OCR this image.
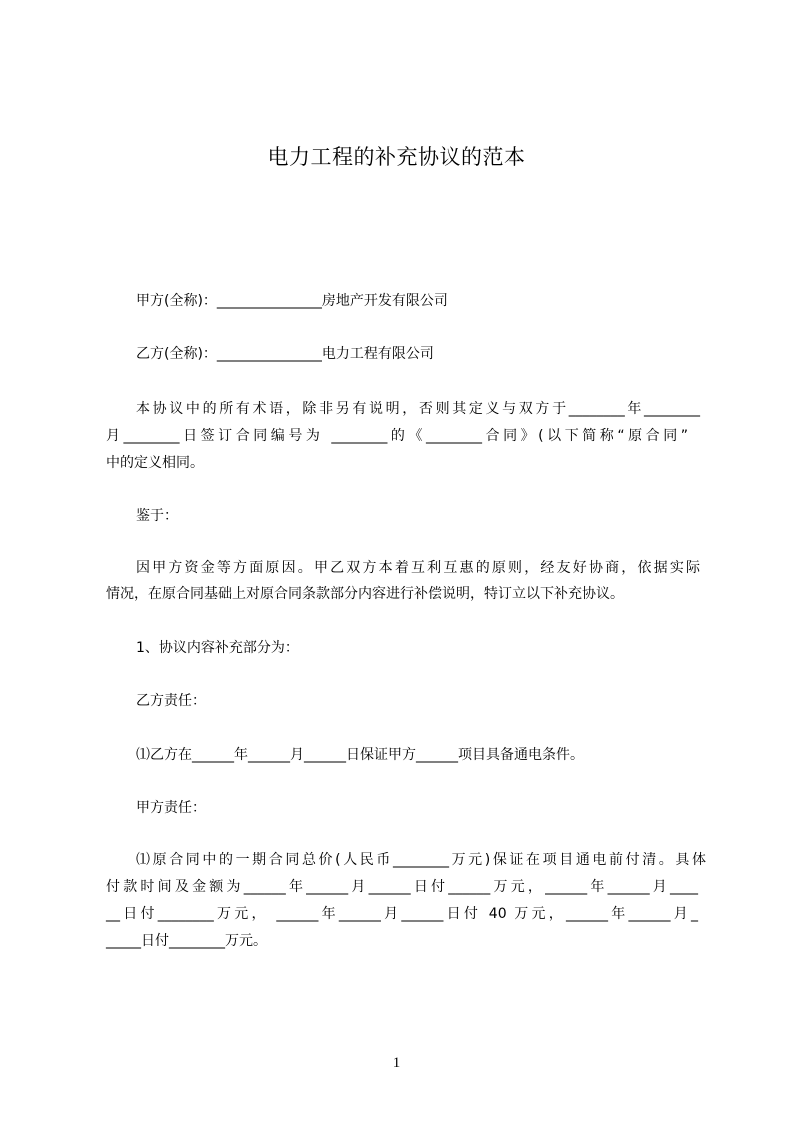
电力工程的补充协议的范本
甲方(全称)：_______________房地产开发有限公司
乙方(全称)：_______________电力工程有限公司
本协议中的所有术语，除非另有说明，否则其定义与双方于________年________
月________日签订合同编号为 ________的《________合同》(以下简称“原合同”
中的定义相同。
鉴于：
因甲方资金等方面原因。甲乙双方本着互利互惠的原则，经友好协商，依据实际
情况，在原合同基础上对原合同条款部分内容进行补偿说明，特订立以下补充协议。
1、协议内容补充部分为：
乙方责任：
⑴乙方在______年______月______日保证甲方______项目具备通电条件。
甲方责任：
⑴原合同中的一期合同总价(人民币________万元)保证在项目通电前付清。具体
付款时间及金额为______年______月______日付______万元，______年______月____
__日付________万元， ______年______月______日付 40 万元，______年______月_
_____日付________万元。
1
